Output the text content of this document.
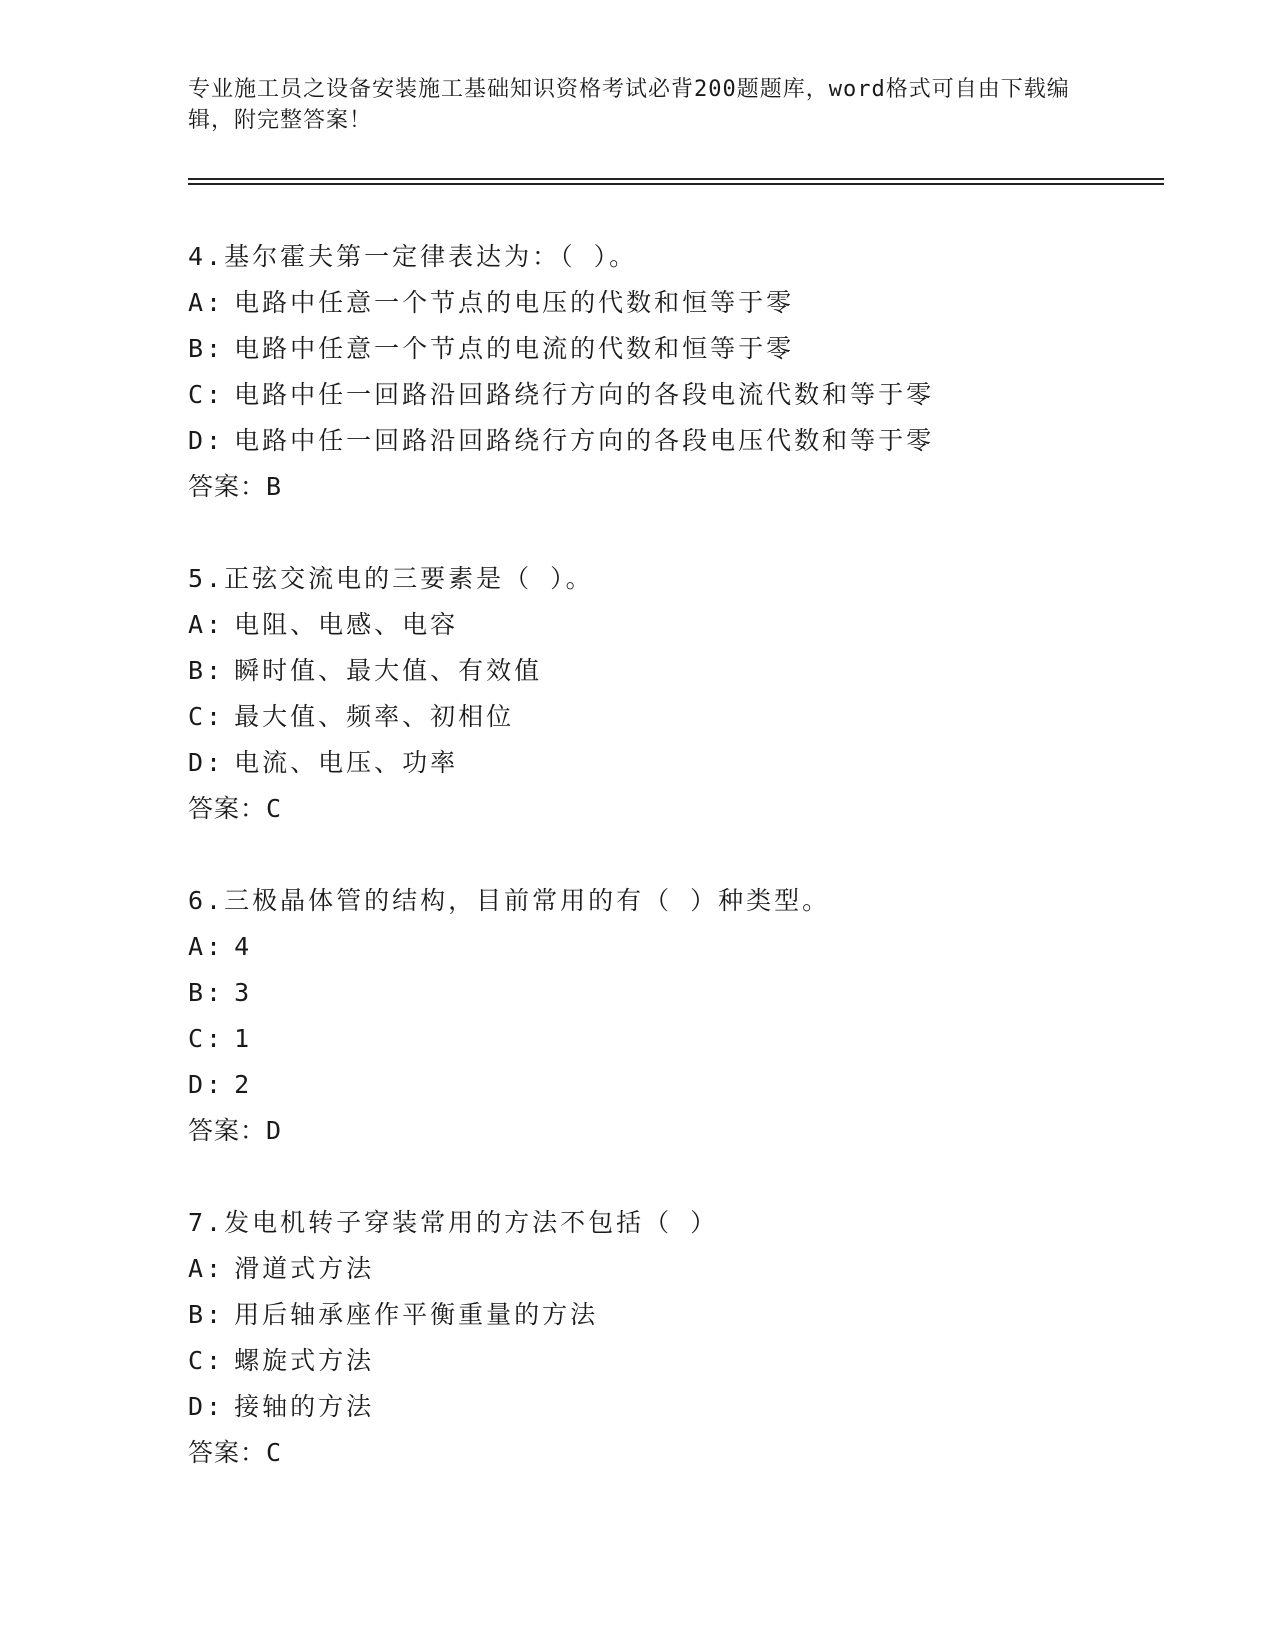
专业施工员之设备安装施工基础知识资格考试必背200题题库，word格式可自由下载编辑，附完整答案！
4.基尔霍夫第一定律表达为：（ ）。
A: 电路中任意一个节点的电压的代数和恒等于零
B: 电路中任意一个节点的电流的代数和恒等于零
C: 电路中任一回路沿回路绕行方向的各段电流代数和等于零
D: 电路中任一回路沿回路绕行方向的各段电压代数和等于零
答案：B
5.正弦交流电的三要素是（ ）。
A: 电阻、电感、电容
B: 瞬时值、最大值、有效值
C: 最大值、频率、初相位
D: 电流、电压、功率
答案：C
6.三极晶体管的结构，目前常用的有（ ）种类型。
A: 4
B: 3
C: 1
D: 2
答案：D
7.发电机转子穿装常用的方法不包括（ ）
A: 滑道式方法
B: 用后轴承座作平衡重量的方法
C: 螺旋式方法
D: 接轴的方法
答案：C
